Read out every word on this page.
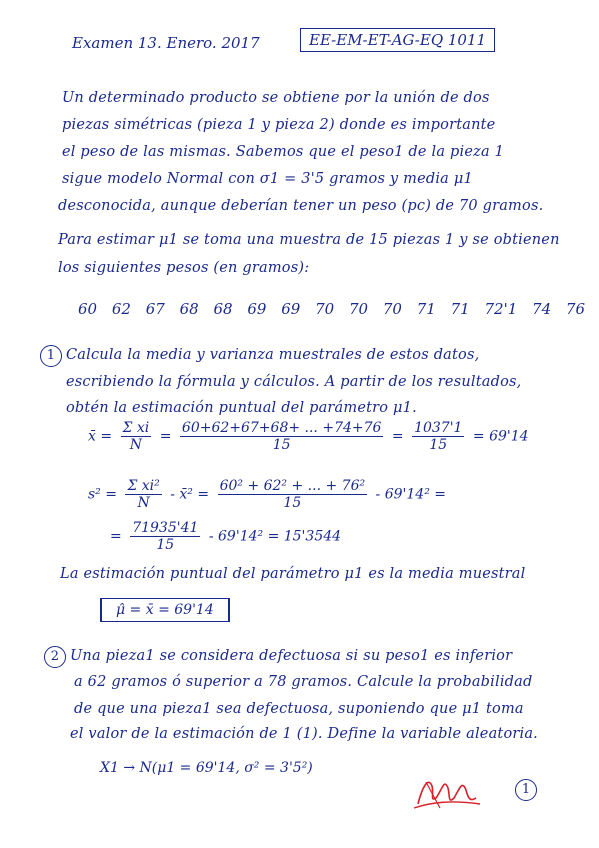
Examen 13. Enero. 2017	EE-EM-ET-AG-EQ 1011
Un determinado producto se obtiene por la unión de dos
piezas simétricas (pieza 1 y pieza 2) donde es importante
el peso de las mismas. Sabemos que el peso1 de la pieza 1
sigue modelo Normal con σ1 = 3'5 gramos y media μ1
desconocida, aunque deberían tener un peso (pc) de 70 gramos.
Para estimar μ1 se toma una muestra de 15 piezas 1 y se obtienen
los siguientes pesos (en gramos):
60 62 67 68 68 69 69 70 70 70 71 71 72'1 74 76
1 Calcula la media y varianza muestrales de estos datos,
escribiendo la fórmula y cálculos. A partir de los resultados,
obtén la estimación puntual del parámetro μ1.
x̄ = $\frac{\text{Σ xi}}{N} = \frac{60+62+67+68+ ... +74+76}{15} = \frac{1037'1}{15} = 69'14$
$s^2 = \frac{\text{Σ xi²}}{N}$ - x̄² = $\frac{\text{60² + 62² + ... + 76²}}{15} - 69'14^2$ =
= $\frac{71935'41}{15} - 69'14^2 = 15'3544$
La estimación puntual del parámetro μ1 es la media muestral
μ̂ = x̄ = 69'14
2 Una pieza1 se considera defectuosa si su peso1 es inferior
a 62 gramos ó superior a 78 gramos. Calcule la probabilidad
de que una pieza1 sea defectuosa, suponiendo que μ1 toma
el valor de la estimación de 1 (1). Define la variable aleatoria.
X1 → N(μ1 = 69'14, σ² = 3'5²)
1
